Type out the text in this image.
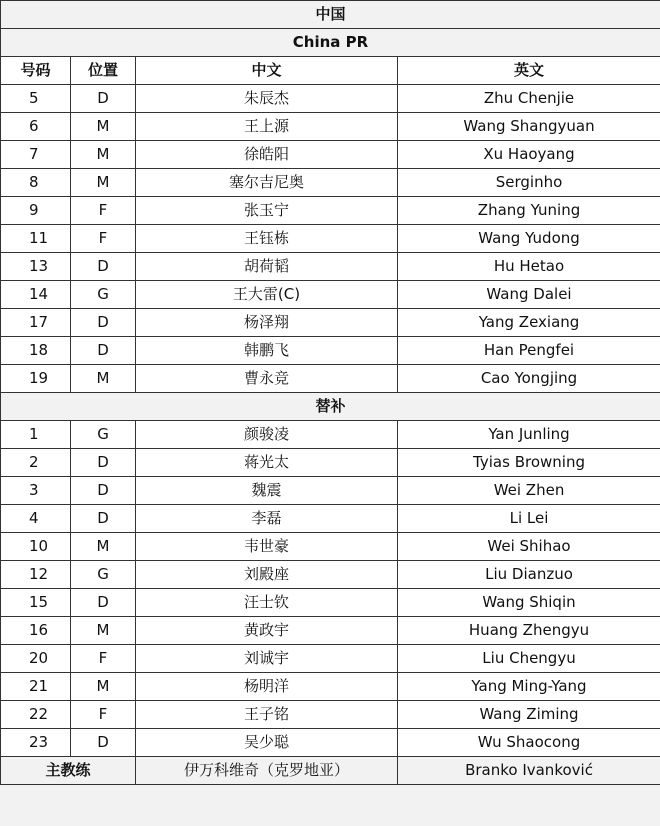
中国			
China PR			
号码	位置	中文	英文
5	D	朱辰杰	Zhu Chenjie
6	M	王上源	Wang Shangyuan
7	M	徐皓阳	Xu Haoyang
8	M	塞尔吉尼奥	Serginho
9	F	张玉宁	Zhang Yuning
11	F	王钰栋	Wang Yudong
13	D	胡荷韬	Hu Hetao
14	G	王大雷(C)	Wang Dalei
17	D	杨泽翔	Yang Zexiang
18	D	韩鹏飞	Han Pengfei
19	M	曹永竞	Cao Yongjing
替补			
1	G	颜骏凌	Yan Junling
2	D	蒋光太	Tyias Browning
3	D	魏震	Wei Zhen
4	D	李磊	Li Lei
10	M	韦世豪	Wei Shihao
12	G	刘殿座	Liu Dianzuo
15	D	汪士钦	Wang Shiqin
16	M	黄政宇	Huang Zhengyu
20	F	刘诚宇	Liu Chengyu
21	M	杨明洋	Yang Ming-Yang
22	F	王子铭	Wang Ziming
23	D	吴少聪	Wu Shaocong
主教练		伊万科维奇（克罗地亚）	Branko Ivanković
